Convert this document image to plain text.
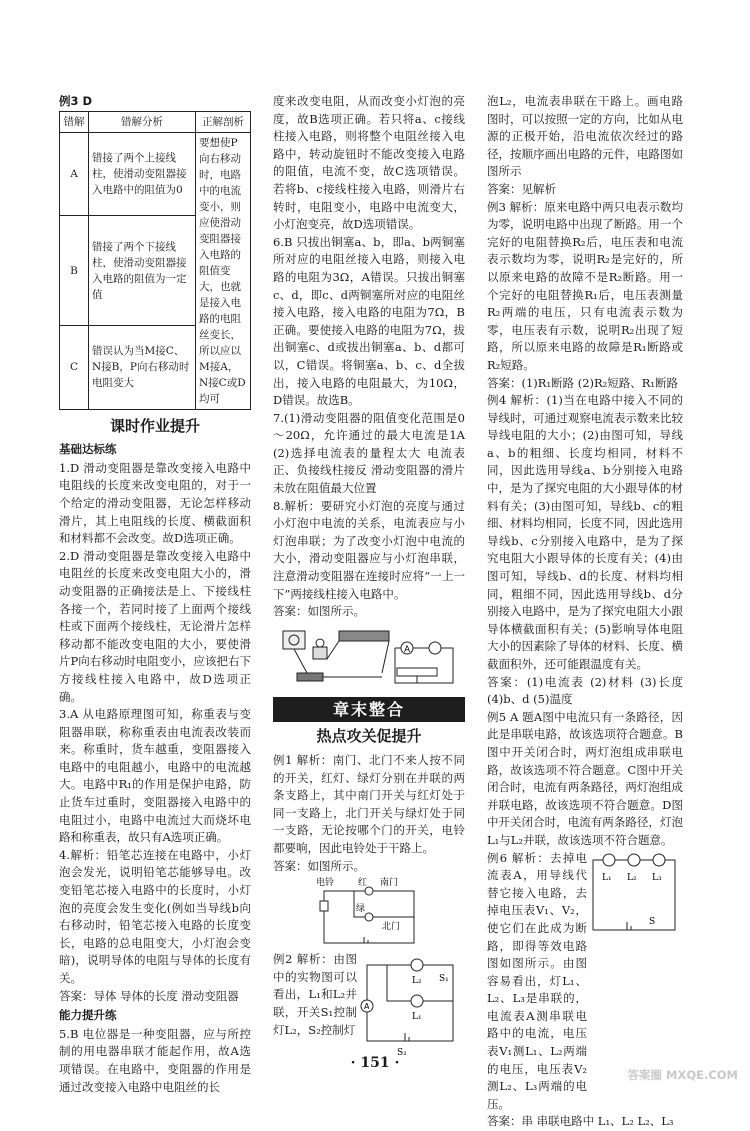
例3 D

错解	错解分析	正解剖析
A	错接了两个上接线柱，使滑动变阻器接入电路中的阻值为0	要想使P向右移动时，电路中的电流变小，则应使滑动变阻器接入电路的阻值变大，也就是接入电路的电阻丝变长，所以应以M接A，N接C或D均可
B	错接了两个下接线柱，使滑动变阻器接入电路的阻值为一定值	
C	错误认为当M接C、N接B，P向右移动时电阻变大	
课时作业提升
基础达标练

1.D 滑动变阻器是靠改变接入电路中电阻线的长度来改变电阻的，对于一个给定的滑动变阻器，无论怎样移动滑片，其上电阻线的长度、横截面积和材料都不会改变。故D选项正确。

2.D 滑动变阻器是靠改变接入电路中电阻丝的长度来改变电阻大小的，滑动变阻器的正确接法是上、下接线柱各接一个，若同时接了上面两个接线柱或下面两个接线柱，无论滑片怎样移动都不能改变电阻的大小，要使滑片P向右移动时电阻变小，应该把右下方接线柱接入电路中，故D选项正确。

3.A 从电路原理图可知，称重表与变阻器串联，称称重表由电流表改装而来。称重时，货车越重，变阻器接入电路中的电阻越小，电路中的电流越大。电路中R₁的作用是保护电路，防止货车过重时，变阻器接入电路中的电阻过小，电路中电流过大而烧坏电路和称重表，故只有A选项正确。

4.解析：铅笔芯连接在电路中，小灯泡会发光，说明铅笔芯能够导电。改变铅笔芯接入电路中的长度时，小灯泡的亮度会发生变化(例如当导线b向右移动时，铅笔芯接入电路的长度变长，电路的总电阻变大，小灯泡会变暗)，说明导体的电阻与导体的长度有关。

答案：导体 导体的长度 滑动变阻器

能力提升练

5.B 电位器是一种变阻器，应与所控制的用电器串联才能起作用，故A选项错误。在电路中，变阻器的作用是通过改变接入电路中电阻丝的长

度来改变电阻，从而改变小灯泡的亮度，故B选项正确。若只将a、c接线柱接入电路，则将整个电阻丝接入电路中，转动旋钮时不能改变接入电路的阻值，电流不变，故C选项错误。若将b、c接线柱接入电路，则滑片右转时，电阻变小，电路中电流变大，小灯泡变亮，故D选项错误。

6.B 只拔出铜塞a、b，即a、b两铜塞所对应的电阻丝接入电路，则接入电路的电阻为3Ω，A错误。只拔出铜塞c、d，即c、d两铜塞所对应的电阻丝接入电路，接入电路的电阻为7Ω，B正确。要使接入电路的电阻为7Ω，拔出铜塞c、d或拔出铜塞a、b、d都可以，C错误。将铜塞a、b、c、d全拔出，接入电路的电阻最大，为10Ω，D错误。故选B。

7.(1)滑动变阻器的阻值变化范围是0～20Ω，允许通过的最大电流是1A (2)选择电流表的量程太大 电流表正、负接线柱接反 滑动变阻器的滑片未放在阻值最大位置

8.解析：要研究小灯泡的亮度与通过小灯泡中电流的关系，电流表应与小灯泡串联；为了改变小灯泡中电流的大小，滑动变阻器应与小灯泡串联，注意滑动变阻器在连接时应将“一上一下”两接线柱接入电路中。

答案：如图所示。

A
章末整合
热点攻关促提升

例1 解析：南门、北门不来人按不同的开关，红灯、绿灯分别在并联的两条支路上，其中南门开关与红灯处于同一支路上，北门开关与绿灯处于同一支路，无论按哪个门的开关，电铃都要响，因此电铃处于干路上。

答案：如图所示。

电铃	红 南门
绿
北门

例2 解析：由图中的实物图可以看出，L₁和L₂并联，开关S₁控制灯L₂，S₂控制灯

A
L₂ S₁
L₁
S₂

泡L₂，电流表串联在干路上。画电路图时，可以按照一定的方向，比如从电源的正极开始，沿电流依次经过的路径，按顺序画出电路的元件，电路图如图所示

答案：见解析

例3 解析：原来电路中两只电表示数均为零，说明电路中出现了断路。用一个完好的电阻替换R₂后，电压表和电流表示数均为零，说明R₂是完好的，所以原来电路的故障不是R₂断路。用一个完好的电阻替换R₁后，电压表测量R₂两端的电压，只有电流表示数为零，电压表有示数，说明R₂出现了短路，所以原来电路的故障是R₁断路或R₂短路。

答案：(1)R₁断路 (2)R₂短路、R₁断路

例4 解析：(1)当在电路中接入不同的导线时，可通过观察电流表示数来比较导线电阻的大小；(2)由图可知，导线a、b的粗细、长度均相同，材料不同，因此选用导线a、b分别接入电路中，是为了探究电阻的大小跟导体的材料有关；(3)由图可知，导线b、c的粗细、材料均相同，长度不同，因此选用导线b、c分别接入电路中，是为了探究电阻大小跟导体的长度有关；(4)由图可知，导线b、d的长度、材料均相同，粗细不同，因此选用导线b、d分别接入电路中，是为了探究电阻大小跟导体横截面积有关；(5)影响导体电阻大小的因素除了导体的材料、长度、横截面积外，还可能跟温度有关。

答案：(1)电流表 (2)材料 (3)长度 (4)b、d (5)温度

例5 A 题A图中电流只有一条路径，因此是串联电路，故该选项符合题意。B图中开关闭合时，两灯泡组成串联电路，故该选项不符合题意。C图中开关闭合时，电流有两条路径，两灯泡组成并联电路，故该选项不符合题意。D图中开关闭合时，电流有两条路径，灯泡L₁与L₂并联，故该选项不符合题意。

例6 解析：去掉电流表A，用导线代替它接入电路，去掉电压表V₁、V₂，使它们在此成为断路，即得等效电路图如图所示。由图容易看出，灯L₁、L₂、L₃是串联的，电流表A测串联电路中的电流，电压表V₁测L₁、L₂两端的电压，电压表V₂测L₂、L₃两端的电压。

L₁ L₂ L₃
S

答案：串 串联电路中 L₁、L₂ L₂、L₃

· 151 ·
答案圈 MXQE.COM
